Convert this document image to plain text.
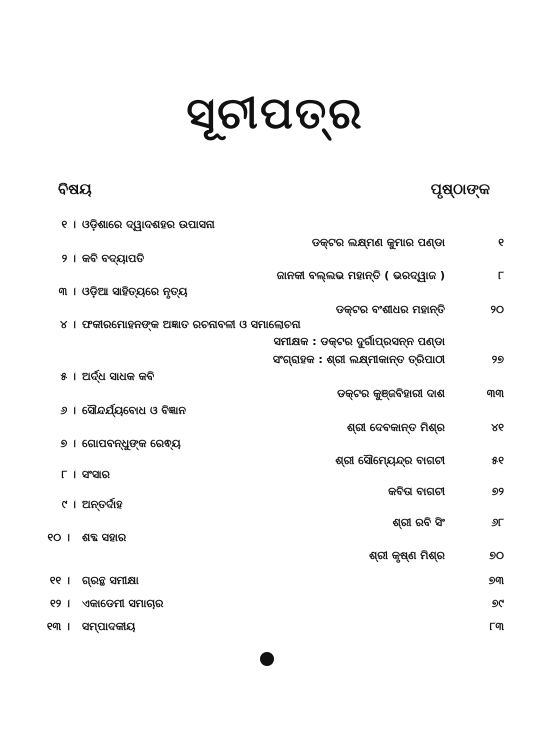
ସୂଚୀପତ୍ର
ବିଷୟ	ପୃଷ୍ଠାଙ୍କ
୧ । ଓଡ଼ିଶାରେ ଦ୍ୱାଦଶହର ଉପାସନା
ଡକ୍ଟର ଲକ୍ଷ୍ମଣ କୁମାର ପଣ୍ଡା	୧
୨ । କବି ବଦ୍ୟାପତି
ଜାନକୀ ବଲ୍ଲଭ ମହାନ୍ତି ( ଭରଦ୍ୱାଜ )	୮
୩ । ଓଡ଼ିଆ ସାହିତ୍ୟରେ ନୃତ୍ୟ
ଡକ୍ଟର ବଂଶୀଧର ମହାନ୍ତି	୨୦
୪ । ଫକୀରମୋହନଙ୍କ ଅଜ୍ଞାତ ରଚନାବଳୀ ଓ ସମାଲୋଚନା
ସମୀକ୍ଷକ : ଡକ୍ଟର ଦୁର୍ଗାପ୍ରସନ୍ନ ପଣ୍ଡା
ସଂଗ୍ରାହକ : ଶ୍ରୀ ଲକ୍ଷ୍ମୀକାନ୍ତ ତ୍ରିପାଠୀ	୨୭
୫ । ଅର୍ଦ୍ଧ ସାଧକ କବି
ଡକ୍ଟର କୁଞ୍ଜବିହାରୀ ଦାଶ	୩୩
୬ । ସୌନ୍ଦର୍ଯ୍ୟବୋଧ ଓ ବିଜ୍ଞାନ
ଶ୍ରୀ ଦେବକାନ୍ତ ମିଶ୍ର	୪୧
୭ । ଗୋପବନ୍ଧୁଙ୍କ ରେଵ୍ୟ
ଶ୍ରୀ ସୌମ୍ୟେନ୍ଦ୍ର ବାଗଚୀ	୫୧
୮ । ସଂସାର
କବିତା ବାଗଚୀ	୭୨
୯ । ଅନ୍ତର୍ଦାହ
ଶ୍ରୀ ରବି ସିଂ	୬୮
୧୦ । ଶବ୍ଦ ସହାର
ଶ୍ରୀ କୃଷ୍ଣ ମିଶ୍ର	୭୦
୧୧ । ଗ୍ରନ୍ଥ ସମୀକ୍ଷା	୭୩
୧୨ । ଏକାଡେମୀ ସମାଚାର	୭୯
୧୩ । ସମ୍ପାଦକୀୟ	୮୩
